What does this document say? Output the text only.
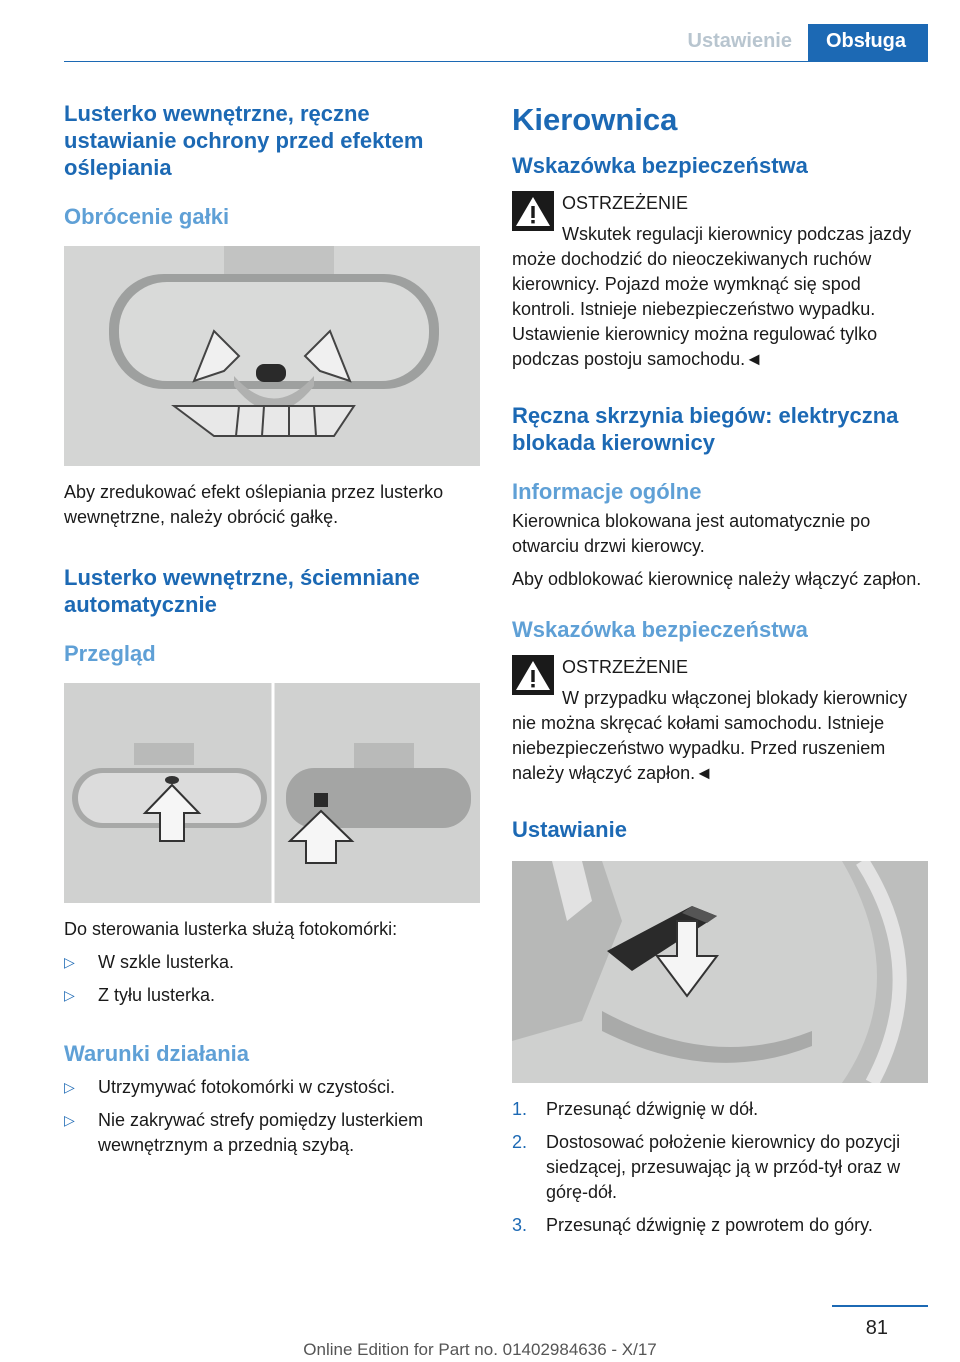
Ustawienie	Obsługa
Lusterko wewnętrzne, ręczne ustawianie ochrony przed efektem oślepiania
Obrócenie gałki

Aby zredukować efekt oślepiania przez lusterko wewnętrzne, należy obrócić gałkę.

Lusterko wewnętrzne, ściemniane automatycznie
Przegląd

Do sterowania lusterka służą fotokomórki:

▷	W szkle lusterka.
▷	Z tyłu lusterka.
Warunki działania
▷	Utrzymywać fotokomórki w czystości.
▷	Nie zakrywać strefy pomiędzy lusterkiem wewnętrznym a przednią szybą.
Kierownica
Wskazówka bezpieczeństwa
OSTRZEŻENIE

Wskutek regulacji kierownicy podczas jazdy może dochodzić do nieoczekiwanych ruchów kierownicy. Pojazd może wymknąć się spod kontroli. Istnieje niebezpieczeństwo wypadku. Ustawienie kierownicy można regulować tylko podczas postoju samochodu.◄

Ręczna skrzynia biegów: elektryczna blokada kierownicy
Informacje ogólne

Kierownica blokowana jest automatycznie po otwarciu drzwi kierowcy.

Aby odblokować kierownicę należy włączyć zapłon.

Wskazówka bezpieczeństwa
OSTRZEŻENIE

W przypadku włączonej blokady kierownicy nie można skręcać kołami samochodu. Istnieje niebezpieczeństwo wypadku. Przed ruszeniem należy włączyć zapłon.◄

Ustawianie
1.	Przesunąć dźwignię w dół.
2.	Dostosować położenie kierownicy do pozycji siedzącej, przesuwając ją w przód-tył oraz w górę-dół.
3.	Przesunąć dźwignię z powrotem do góry.
81
Online Edition for Part no. 01402984636 - X/17
